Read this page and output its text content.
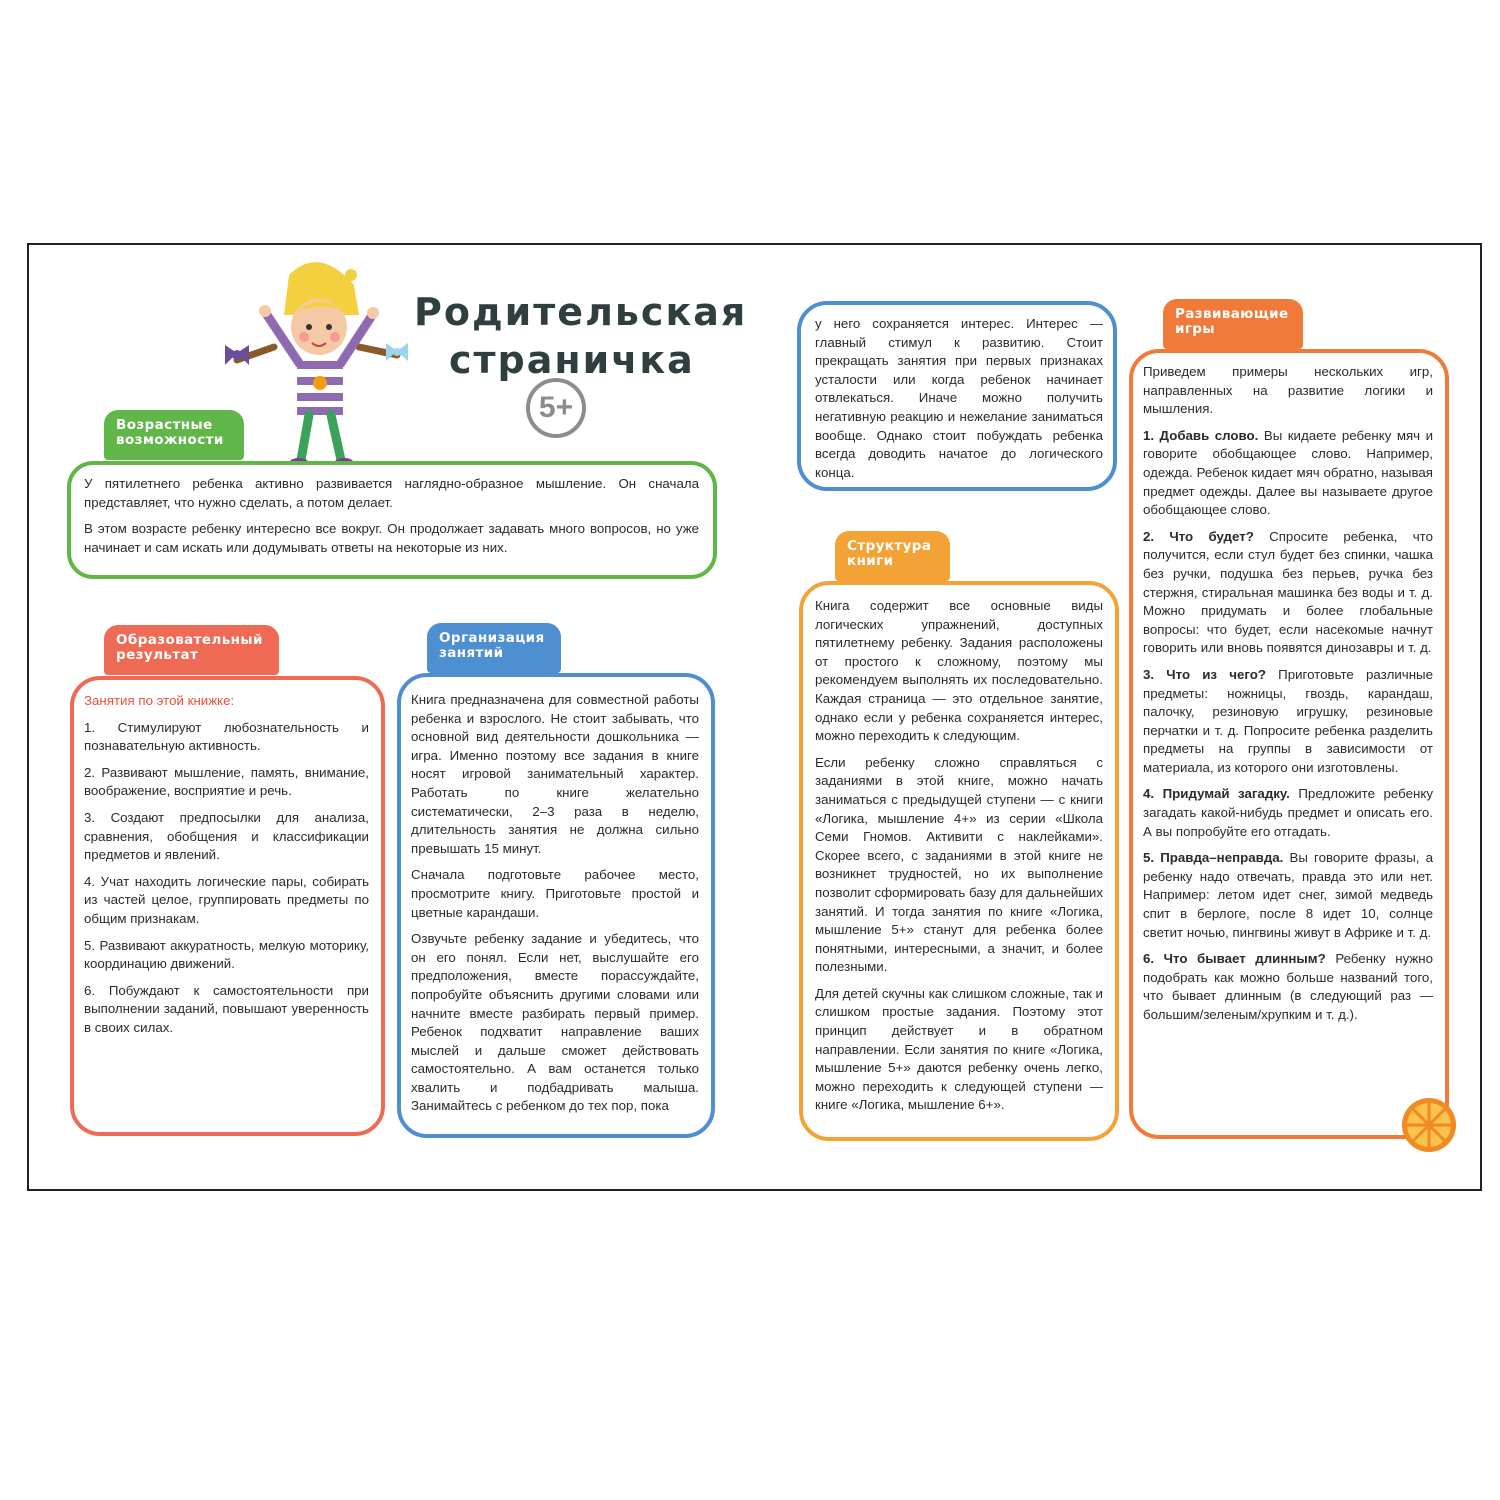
Родительская
страничка
5+
Возрастные
возможности

У пятилетнего ребенка активно развивается наглядно-образное мышление. Он сначала представляет, что нужно сделать, а потом делает.

В этом возрасте ребенку интересно все вокруг. Он продолжает задавать много вопросов, но уже начинает и сам искать или додумывать ответы на некоторые из них.

Образовательный
результат

Занятия по этой книжке:

1. Стимулируют любознательность и познавательную активность.

2. Развивают мышление, память, внимание, воображение, восприятие и речь.

3. Создают предпосылки для анализа, сравнения, обобщения и классификации предметов и явлений.

4. Учат находить логические пары, собирать из частей целое, группировать предметы по общим признакам.

5. Развивают аккуратность, мелкую моторику, координацию движений.

6. Побуждают к самостоятельности при выполнении заданий, повышают уверенность в своих силах.

Организация
занятий

Книга предназначена для совместной работы ребенка и взрослого. Не стоит забывать, что основной вид деятельности дошкольника — игра. Именно поэтому все задания в книге носят игровой занимательный характер. Работать по книге желательно систематически, 2–3 раза в неделю, длительность занятия не должна сильно превышать 15 минут.

Сначала подготовьте рабочее место, просмотрите книгу. Приготовьте простой и цветные карандаши.

Озвучьте ребенку задание и убедитесь, что он его понял. Если нет, выслушайте его предположения, вместе порассуждайте, попробуйте объяснить другими словами или начните вместе разбирать первый пример. Ребенок подхватит направление ваших мыслей и дальше сможет действовать самостоятельно. А вам останется только хвалить и подбадривать малыша. Занимайтесь с ребенком до тех пор, пока

у него сохраняется интерес. Интерес — главный стимул к развитию. Стоит прекращать занятия при первых признаках усталости или когда ребенок начинает отвлекаться. Иначе можно получить негативную реакцию и нежелание заниматься вообще. Однако стоит побуждать ребенка всегда доводить начатое до логического конца.

Структура
книги

Книга содержит все основные виды логических упражнений, доступных пятилетнему ребенку. Задания расположены от простого к сложному, поэтому мы рекомендуем выполнять их последовательно. Каждая страница — это отдельное занятие, однако если у ребенка сохраняется интерес, можно переходить к следующим.

Если ребенку сложно справляться с заданиями в этой книге, можно начать заниматься с предыдущей ступени — с книги «Логика, мышление 4+» из серии «Школа Семи Гномов. Активити с наклейками». Скорее всего, с заданиями в этой книге не возникнет трудностей, но их выполнение позволит сформировать базу для дальнейших занятий. И тогда занятия по книге «Логика, мышление 5+» станут для ребенка более понятными, интересными, а значит, и более полезными.

Для детей скучны как слишком сложные, так и слишком простые задания. Поэтому этот принцип действует и в обратном направлении. Если занятия по книге «Логика, мышление 5+» даются ребенку очень легко, можно переходить к следующей ступени — книге «Логика, мышление 6+».

Развивающие
игры

Приведем примеры нескольких игр, направленных на развитие логики и мышления.

1. Добавь слово. Вы кидаете ребенку мяч и говорите обобщающее слово. Например, одежда. Ребенок кидает мяч обратно, называя предмет одежды. Далее вы называете другое обобщающее слово.

2. Что будет? Спросите ребенка, что получится, если стул будет без спинки, чашка без ручки, подушка без перьев, ручка без стержня, стиральная машинка без воды и т. д. Можно придумать и более глобальные вопросы: что будет, если насекомые начнут говорить или вновь появятся динозавры и т. д.

3. Что из чего? Приготовьте различные предметы: ножницы, гвоздь, карандаш, палочку, резиновую игрушку, резиновые перчатки и т. д. Попросите ребенка разделить предметы на группы в зависимости от материала, из которого они изготовлены.

4. Придумай загадку. Предложите ребенку загадать какой-нибудь предмет и описать его. А вы попробуйте его отгадать.

5. Правда–неправда. Вы говорите фразы, а ребенку надо отвечать, правда это или нет. Например: летом идет снег, зимой медведь спит в берлоге, после 8 идет 10, солнце светит ночью, пингвины живут в Африке и т. д.

6. Что бывает длинным? Ребенку нужно подобрать как можно больше названий того, что бывает длинным (в следующий раз — большим/зеленым/хрупким и т. д.).
